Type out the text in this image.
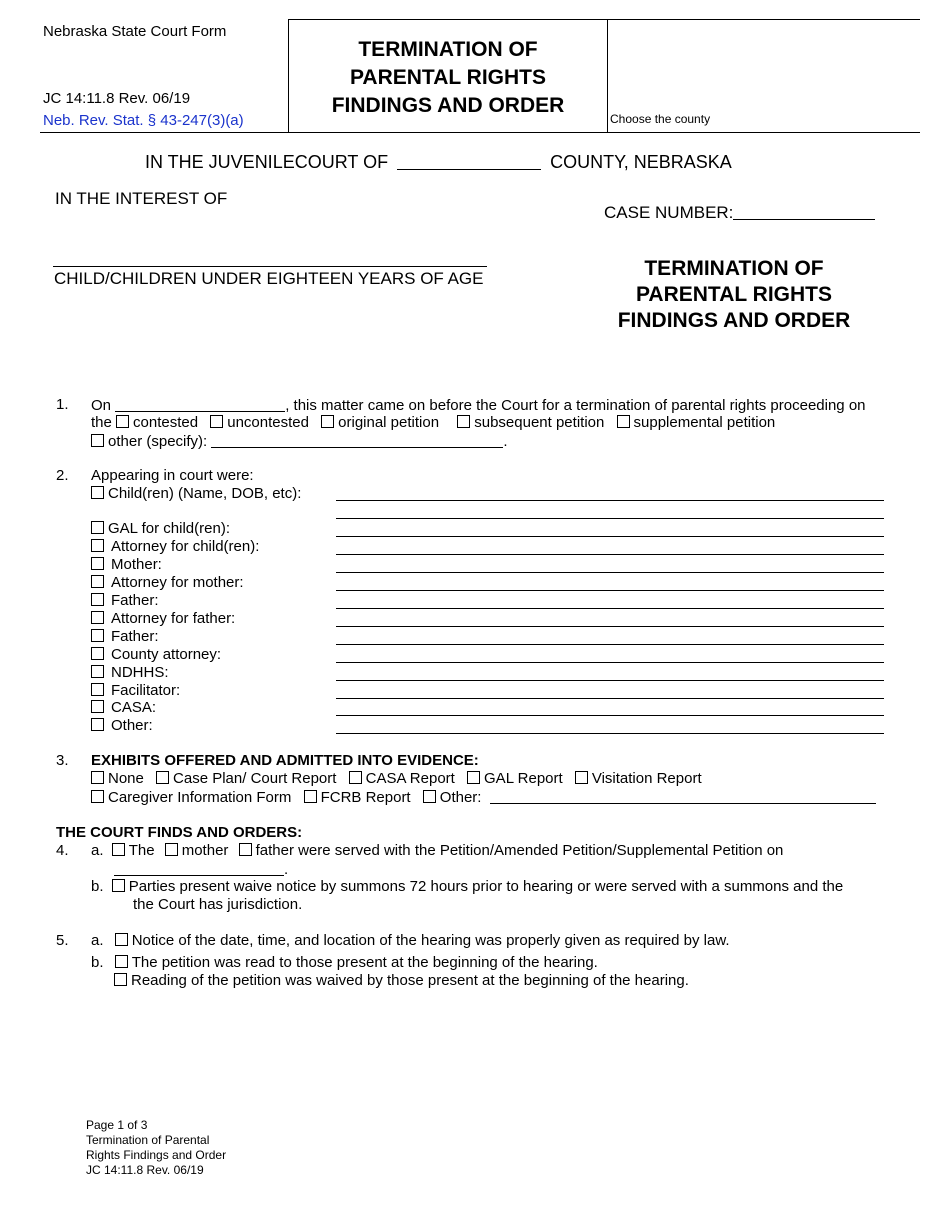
Nebraska State Court Form
JC 14:11.8 Rev. 06/19
Neb. Rev. Stat. § 43-247(3)(a)
TERMINATION OF
PARENTAL RIGHTS
FINDINGS AND ORDER
Choose the county
IN THE JUVENILECOURT OF	COUNTY, NEBRASKA
IN THE INTEREST OF
CASE NUMBER:
CHILD/CHILDREN UNDER EIGHTEEN YEARS OF AGE	TERMINATION OF
PARENTAL RIGHTS
FINDINGS AND ORDER
1. On	, this matter came on before the Court for a termination of parental rights proceeding on
the contested uncontested original petition subsequent petition supplemental petition
other (specify):	.
2. Appearing in court were:
Child(ren) (Name, DOB, etc):
GAL for child(ren):
Attorney for child(ren):
Mother:
Attorney for mother:
Father:
Attorney for father:
Father:
County attorney:
NDHHS:
Facilitator:
CASA:
Other:
3. EXHIBITS OFFERED AND ADMITTED INTO EVIDENCE:
None Case Plan/ Court Report CASA Report GAL Report Visitation Report
Caregiver Information Form FCRB Report Other:
THE COURT FINDS AND ORDERS:
4. a. The mother father were served with the Petition/Amended Petition/Supplemental Petition on
.
b. Parties present waive notice by summons 72 hours prior to hearing or were served with a summons and the
the Court has jurisdiction.
5. a. Notice of the date, time, and location of the hearing was properly given as required by law.
b. The petition was read to those present at the beginning of the hearing.
Reading of the petition was waived by those present at the beginning of the hearing.
Page 1 of 3
Termination of Parental
Rights Findings and Order
JC 14:11.8 Rev. 06/19
